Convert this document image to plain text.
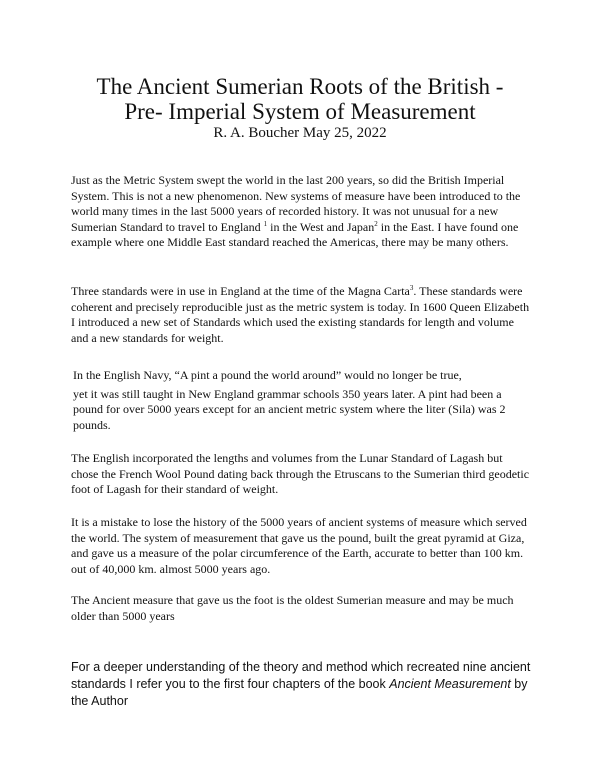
The Ancient Sumerian Roots of the British -
Pre- Imperial System of Measurement
R. A. Boucher May 25, 2022

Just as the Metric System swept the world in the last 200 years, so did the British Imperial System. This is not a new phenomenon. New systems of measure have been introduced to the world many times in the last 5000 years of recorded history. It was not unusual for a new Sumerian Standard to travel to England $^1$ in the West and Japan$^2$ in the East. I have found one example where one Middle East standard reached the Americas, there may be many others.

Three standards were in use in England at the time of the Magna Carta$^3$. These standards were coherent and precisely reproducible just as the metric system is today. In 1600 Queen Elizabeth I introduced a new set of Standards which used the existing standards for length and volume and a new standards for weight.

In the English Navy, “A pint a pound the world around” would no longer be true,
yet it was still taught in New England grammar schools 350 years later. A pint had been a pound for over 5000 years except for an ancient metric system where the liter (Sila) was 2 pounds.

The English incorporated the lengths and volumes from the Lunar Standard of Lagash but chose the French Wool Pound dating back through the Etruscans to the Sumerian third geodetic foot of Lagash for their standard of weight.

It is a mistake to lose the history of the 5000 years of ancient systems of measure which served the world. The system of measurement that gave us the pound, built the great pyramid at Giza, and gave us a measure of the polar circumference of the Earth, accurate to better than 100 km. out of 40,000 km. almost 5000 years ago.

The Ancient measure that gave us the foot is the oldest Sumerian measure and may be much older than 5000 years

For a deeper understanding of the theory and method which recreated nine ancient standards I refer you to the first four chapters of the book Ancient Measurement by the Author
